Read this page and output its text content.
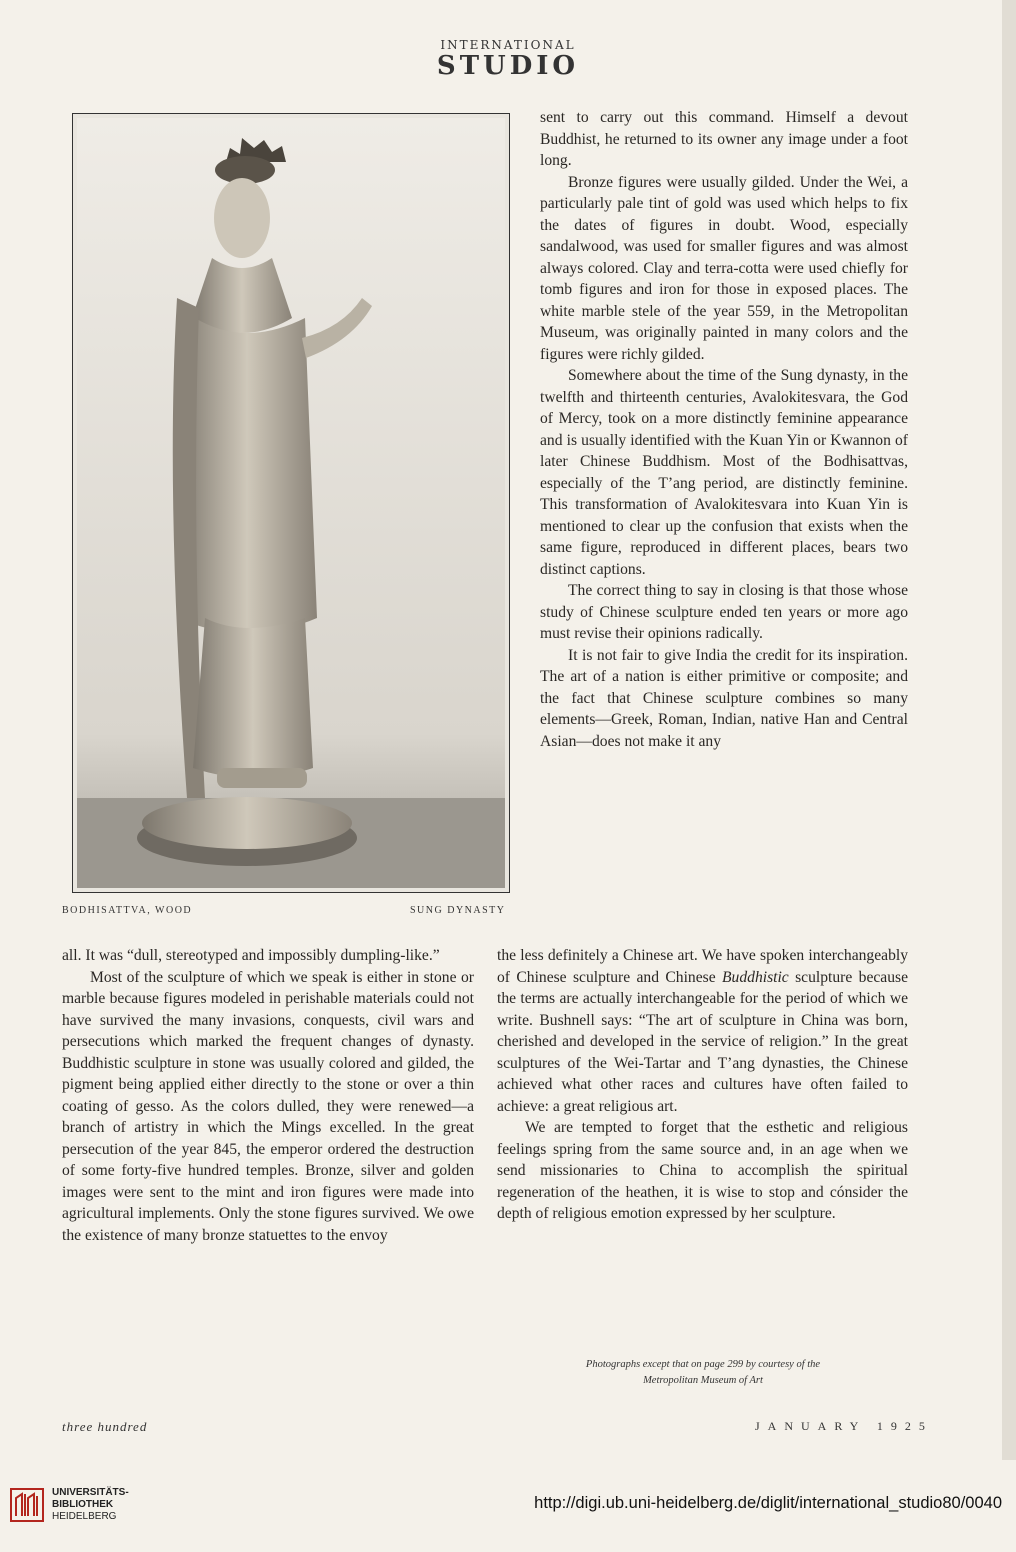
INTERNATIONAL
STUDIO
BODHISATTVA, WOOD	SUNG DYNASTY

sent to carry out this command. Himself a devout Buddhist, he returned to its owner any image under a foot long.

Bronze figures were usually gilded. Under the Wei, a particularly pale tint of gold was used which helps to fix the dates of figures in doubt. Wood, especially sandalwood, was used for smaller figures and was almost always colored. Clay and terra-cotta were used chiefly for tomb figures and iron for those in exposed places. The white marble stele of the year 559, in the Metropolitan Museum, was originally painted in many colors and the figures were richly gilded.

Somewhere about the time of the Sung dynasty, in the twelfth and thirteenth centuries, Avalokitesvara, the God of Mercy, took on a more distinctly feminine appearance and is usually identified with the Kuan Yin or Kwannon of later Chinese Buddhism. Most of the Bodhisattvas, especially of the T’ang period, are distinctly feminine. This transformation of Avalokitesvara into Kuan Yin is mentioned to clear up the confusion that exists when the same figure, reproduced in different places, bears two distinct captions.

The correct thing to say in closing is that those whose study of Chinese sculpture ended ten years or more ago must revise their opinions radically.

It is not fair to give India the credit for its inspiration. The art of a nation is either primitive or composite; and the fact that Chinese sculpture combines so many elements—Greek, Roman, Indian, native Han and Central Asian—does not make it any

all. It was “dull, stereotyped and impossibly dumpling-like.”

Most of the sculpture of which we speak is either in stone or marble because figures modeled in perishable materials could not have survived the many invasions, conquests, civil wars and persecutions which marked the frequent changes of dynasty. Buddhistic sculpture in stone was usually colored and gilded, the pigment being applied either directly to the stone or over a thin coating of gesso. As the colors dulled, they were renewed—a branch of artistry in which the Mings excelled. In the great persecution of the year 845, the emperor ordered the destruction of some forty-five hundred temples. Bronze, silver and golden images were sent to the mint and iron figures were made into agricultural implements. Only the stone figures survived. We owe the existence of many bronze statuettes to the envoy

the less definitely a Chinese art. We have spoken interchangeably of Chinese sculpture and Chinese Buddhistic sculpture because the terms are actually interchangeable for the period of which we write. Bushnell says: “The art of sculpture in China was born, cherished and developed in the service of religion.” In the great sculptures of the Wei-Tartar and T’ang dynasties, the Chinese achieved what other races and cultures have often failed to achieve: a great religious art.

We are tempted to forget that the esthetic and religious feelings spring from the same source and, in an age when we send missionaries to China to accomplish the spiritual regeneration of the heathen, it is wise to stop and cónsider the depth of religious emotion expressed by her sculpture.

Photographs except that on page 299 by courtesy of the
Metropolitan Museum of Art
three hundred	JANUARY 1925
UNIVERSITÄTS-
BIBLIOTHEK
HEIDELBERG
http://digi.ub.uni-heidelberg.de/diglit/international_studio80/0040
